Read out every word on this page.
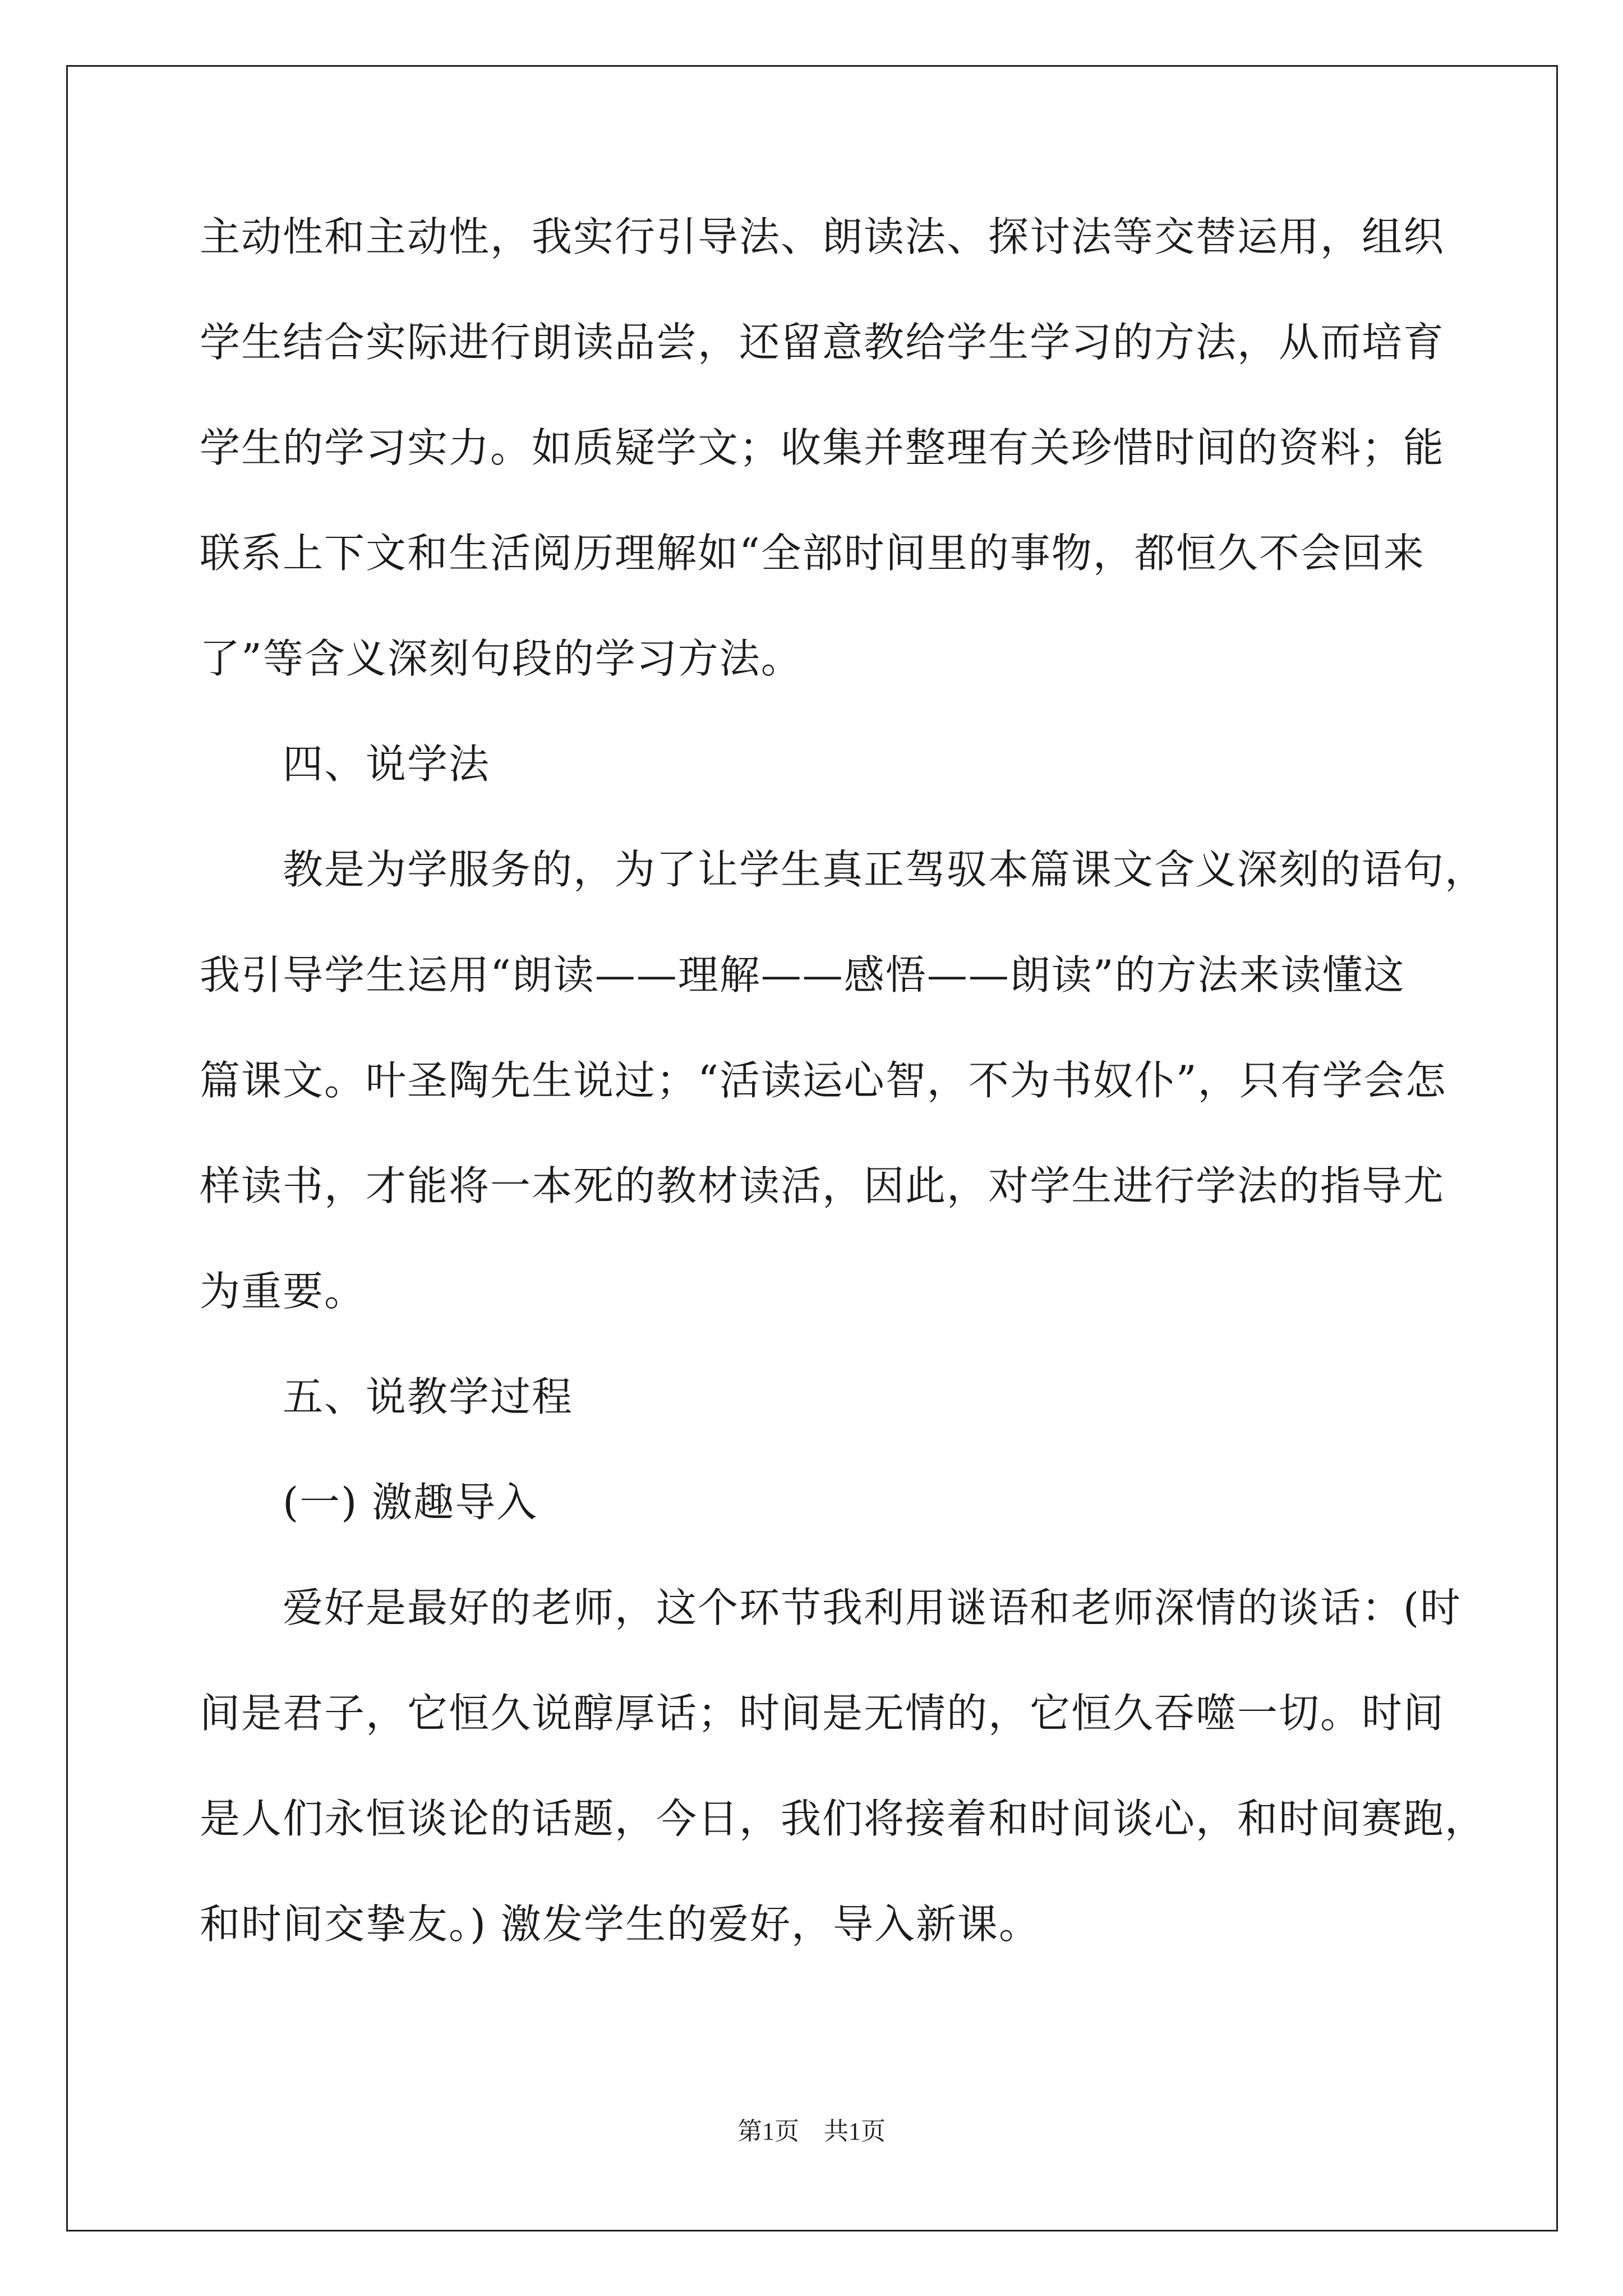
主动性和主动性，我实行引导法、朗读法、探讨法等交替运用，组织
学生结合实际进行朗读品尝，还留意教给学生学习的方法，从而培育
学生的学习实力。如质疑学文；收集并整理有关珍惜时间的资料；能
联系上下文和生活阅历理解如“全部时间里的事物，都恒久不会回来
了”等含义深刻句段的学习方法。
　　四、说学法
　　教是为学服务的，为了让学生真正驾驭本篇课文含义深刻的语句，
我引导学生运用“朗读——理解——感悟——朗读”的方法来读懂这
篇课文。叶圣陶先生说过；“活读运心智，不为书奴仆”，只有学会怎
样读书，才能将一本死的教材读活，因此，对学生进行学法的指导尤
为重要。
　　五、说教学过程
　　(一) 激趣导入
　　爱好是最好的老师，这个环节我利用谜语和老师深情的谈话：(时
间是君子，它恒久说醇厚话；时间是无情的，它恒久吞噬一切。时间
是人们永恒谈论的话题，今日，我们将接着和时间谈心，和时间赛跑，
和时间交挚友。) 激发学生的爱好，导入新课。
第1页　共1页
